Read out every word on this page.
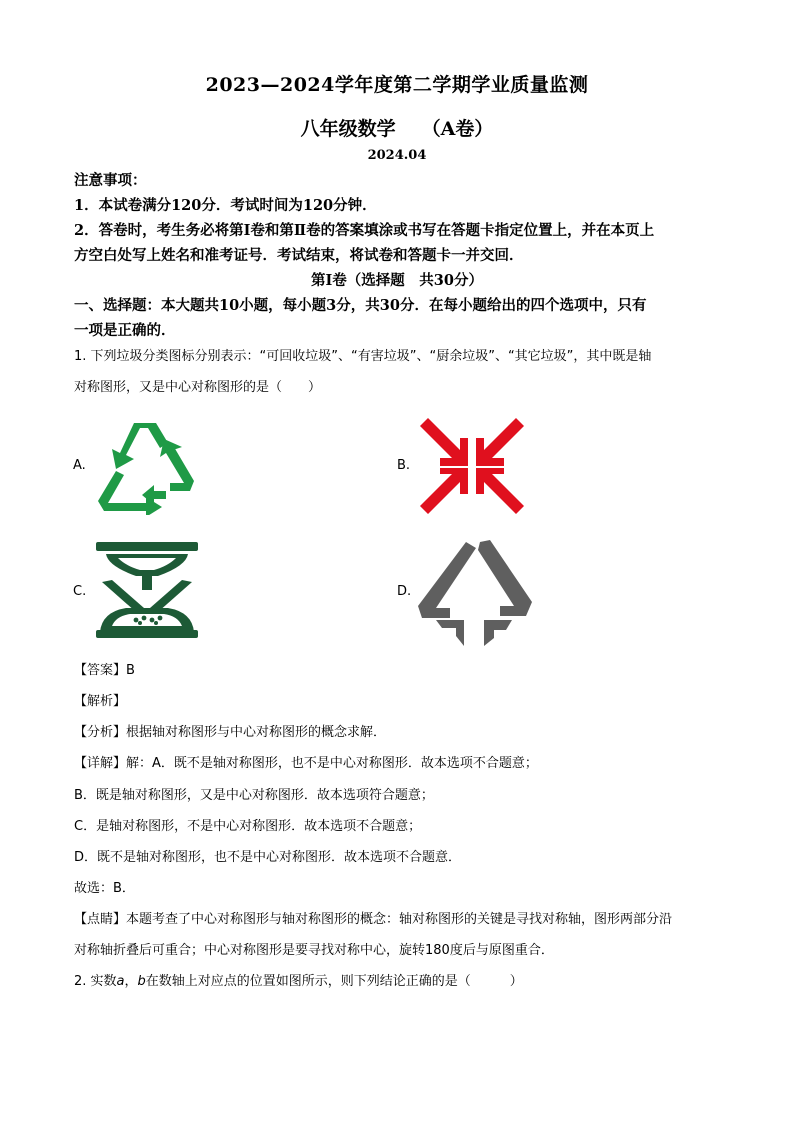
2023—2024学年度第二学期学业质量监测
八年级数学 （A卷）
2024.04
注意事项：
1．本试卷满分120分．考试时间为120分钟．
2．答卷时，考生务必将第Ⅰ卷和第Ⅱ卷的答案填涂或书写在答题卡指定位置上，并在本页上
方空白处写上姓名和准考证号．考试结束，将试卷和答题卡一并交回．
第Ⅰ卷（选择题　共30分）
一、选择题：本大题共10小题，每小题3分，共30分．在每小题给出的四个选项中，只有
一项是正确的．
1. 下列垃圾分类图标分别表示：“可回收垃圾”、“有害垃圾”、“厨余垃圾”、“其它垃圾”，其中既是轴
对称图形，又是中心对称图形的是（　　）
A.	B.
C.	D.
【答案】B
【解析】
【分析】根据轴对称图形与中心对称图形的概念求解．
【详解】解：A．既不是轴对称图形，也不是中心对称图形．故本选项不合题意；
B．既是轴对称图形，又是中心对称图形．故本选项符合题意；
C．是轴对称图形，不是中心对称图形．故本选项不合题意；
D．既不是轴对称图形，也不是中心对称图形．故本选项不合题意．
故选：B．
【点睛】本题考查了中心对称图形与轴对称图形的概念：轴对称图形的关键是寻找对称轴，图形两部分沿
对称轴折叠后可重合；中心对称图形是要寻找对称中心，旋转180度后与原图重合．
2. 实数a，b在数轴上对应点的位置如图所示，则下列结论正确的是（　　　）
